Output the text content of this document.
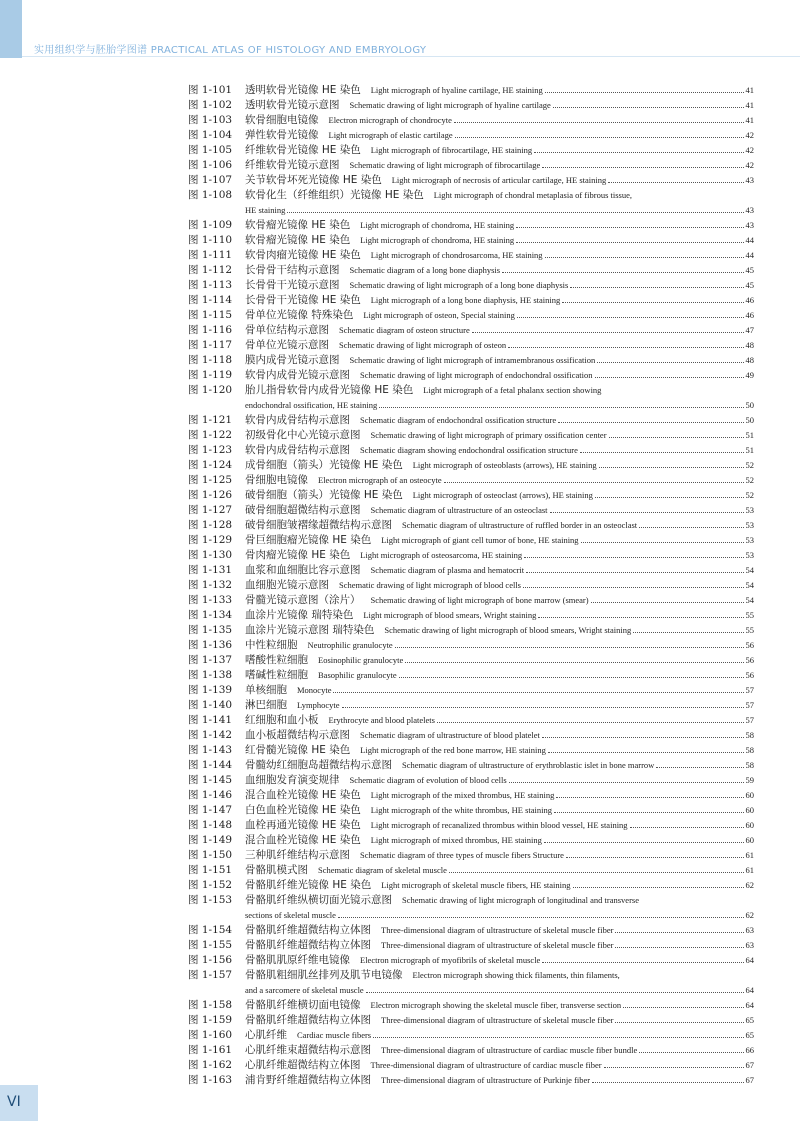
实用组织学与胚胎学图谱 PRACTICAL ATLAS OF HISTOLOGY AND EMBRYOLOGY
图 1-101	透明软骨光镜像 HE 染色 Light micrograph of hyaline cartilage, HE staining	41
图 1-102	透明软骨光镜示意图 Schematic drawing of light micrograph of hyaline cartilage	41
图 1-103	软骨细胞电镜像 Electron micrograph of chondrocyte	41
图 1-104	弹性软骨光镜像 Light micrograph of elastic cartilage	42
图 1-105	纤维软骨光镜像 HE 染色 Light micrograph of fibrocartilage, HE staining	42
图 1-106	纤维软骨光镜示意图 Schematic drawing of light micrograph of fibrocartilage	42
图 1-107	关节软骨坏死光镜像 HE 染色 Light micrograph of necrosis of articular cartilage, HE staining	43
图 1-108	软骨化生（纤维组织）光镜像 HE 染色 Light micrograph of chondral metaplasia of fibrous tissue,
HE staining	43
图 1-109	软骨瘤光镜像 HE 染色 Light micrograph of chondroma, HE staining	43
图 1-110	软骨瘤光镜像 HE 染色 Light micrograph of chondroma, HE staining	44
图 1-111	软骨肉瘤光镜像 HE 染色 Light micrograph of chondrosarcoma, HE staining	44
图 1-112	长骨骨干结构示意图 Schematic diagram of a long bone diaphysis	45
图 1-113	长骨骨干光镜示意图 Schematic drawing of light micrograph of a long bone diaphysis	45
图 1-114	长骨骨干光镜像 HE 染色 Light micrograph of a long bone diaphysis, HE staining	46
图 1-115	骨单位光镜像 特殊染色 Light micrograph of osteon, Special staining	46
图 1-116	骨单位结构示意图 Schematic diagram of osteon structure	47
图 1-117	骨单位光镜示意图 Schematic drawing of light micrograph of osteon	48
图 1-118	膜内成骨光镜示意图 Schematic drawing of light micrograph of intramembranous ossification	48
图 1-119	软骨内成骨光镜示意图 Schematic drawing of light micrograph of endochondral ossification	49
图 1-120	胎儿指骨软骨内成骨光镜像 HE 染色 Light micrograph of a fetal phalanx section showing
endochondral ossification, HE staining	50
图 1-121	软骨内成骨结构示意图 Schematic diagram of endochondral ossification structure	50
图 1-122	初级骨化中心光镜示意图 Schematic drawing of light micrograph of primary ossification center	51
图 1-123	软骨内成骨结构示意图 Schematic diagram showing endochondral ossification structure	51
图 1-124	成骨细胞（箭头）光镜像 HE 染色 Light micrograph of osteoblasts (arrows), HE staining	52
图 1-125	骨细胞电镜像 Electron micrograph of an osteocyte	52
图 1-126	破骨细胞（箭头）光镜像 HE 染色 Light micrograph of osteoclast (arrows), HE staining	52
图 1-127	破骨细胞超微结构示意图 Schematic diagram of ultrastructure of an osteoclast	53
图 1-128	破骨细胞皱褶缘超微结构示意图 Schematic diagram of ultrastructure of ruffled border in an osteoclast	53
图 1-129	骨巨细胞瘤光镜像 HE 染色 Light micrograph of giant cell tumor of bone, HE staining	53
图 1-130	骨肉瘤光镜像 HE 染色 Light micrograph of osteosarcoma, HE staining	53
图 1-131	血浆和血细胞比容示意图 Schematic diagram of plasma and hematocrit	54
图 1-132	血细胞光镜示意图 Schematic drawing of light micrograph of blood cells	54
图 1-133	骨髓光镜示意图（涂片） Schematic drawing of light micrograph of bone marrow (smear)	54
图 1-134	血涂片光镜像 瑞特染色 Light micrograph of blood smears, Wright staining	55
图 1-135	血涂片光镜示意图 瑞特染色 Schematic drawing of light micrograph of blood smears, Wright staining	55
图 1-136	中性粒细胞 Neutrophilic granulocyte	56
图 1-137	嗜酸性粒细胞 Eosinophilic granulocyte	56
图 1-138	嗜碱性粒细胞 Basophilic granulocyte	56
图 1-139	单核细胞 Monocyte	57
图 1-140	淋巴细胞 Lymphocyte	57
图 1-141	红细胞和血小板 Erythrocyte and blood platelets	57
图 1-142	血小板超微结构示意图 Schematic diagram of ultrastructure of blood platelet	58
图 1-143	红骨髓光镜像 HE 染色 Light micrograph of the red bone marrow, HE staining	58
图 1-144	骨髓幼红细胞岛超微结构示意图 Schematic diagram of ultrastructure of erythroblastic islet in bone marrow	58
图 1-145	血细胞发育演变规律 Schematic diagram of evolution of blood cells	59
图 1-146	混合血栓光镜像 HE 染色 Light micrograph of the mixed thrombus, HE staining	60
图 1-147	白色血栓光镜像 HE 染色 Light micrograph of the white thrombus, HE staining	60
图 1-148	血栓再通光镜像 HE 染色 Light micrograph of recanalized thrombus within blood vessel, HE staining	60
图 1-149	混合血栓光镜像 HE 染色 Light micrograph of mixed thrombus, HE staining	60
图 1-150	三种肌纤维结构示意图 Schematic diagram of three types of muscle fibers Structure	61
图 1-151	骨骼肌模式图 Schematic diagram of skeletal muscle	61
图 1-152	骨骼肌纤维光镜像 HE 染色 Light micrograph of skeletal muscle fibers, HE staining	62
图 1-153	骨骼肌纤维纵横切面光镜示意图 Schematic drawing of light micrograph of longitudinal and transverse
sections of skeletal muscle	62
图 1-154	骨骼肌纤维超微结构立体图 Three-dimensional diagram of ultrastructure of skeletal muscle fiber	63
图 1-155	骨骼肌纤维超微结构立体图 Three-dimensional diagram of ultrastructure of skeletal muscle fiber	63
图 1-156	骨骼肌肌原纤维电镜像 Electron micrograph of myofibrils of skeletal muscle	64
图 1-157	骨骼肌粗细肌丝排列及肌节电镜像 Electron micrograph showing thick filaments, thin filaments,
and a sarcomere of skeletal muscle	64
图 1-158	骨骼肌纤维横切面电镜像 Electron micrograph showing the skeletal muscle fiber, transverse section	64
图 1-159	骨骼肌纤维超微结构立体图 Three-dimensional diagram of ultrastructure of skeletal muscle fiber	65
图 1-160	心肌纤维 Cardiac muscle fibers	65
图 1-161	心肌纤维束超微结构示意图 Three-dimensional diagram of ultrastructure of cardiac muscle fiber bundle	66
图 1-162	心肌纤维超微结构立体图 Three-dimensional diagram of ultrastructure of cardiac muscle fiber	67
图 1-163	浦肯野纤维超微结构立体图 Three-dimensional diagram of ultrastructure of Purkinje fiber	67
VI
